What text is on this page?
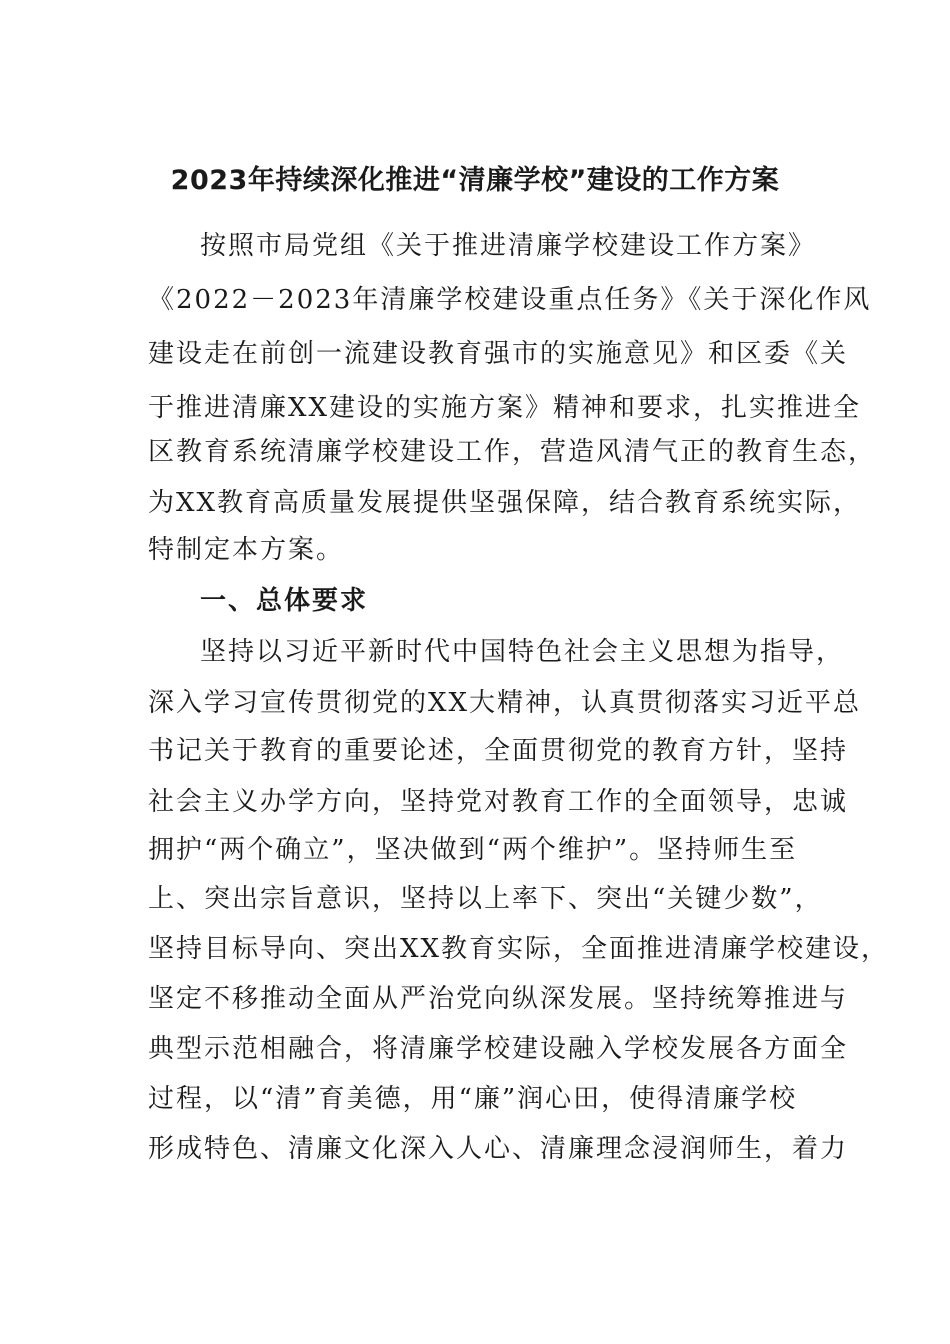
2023年持续深化推进“清廉学校”建设的工作方案
按照市局党组《关于推进清廉学校建设工作方案》
《2022－2023年清廉学校建设重点任务》《关于深化作风
建设走在前创一流建设教育强市的实施意见》和区委《关
于推进清廉XX建设的实施方案》精神和要求，扎实推进全
区教育系统清廉学校建设工作，营造风清气正的教育生态，
为XX教育高质量发展提供坚强保障，结合教育系统实际，
特制定本方案。
一、总体要求
坚持以习近平新时代中国特色社会主义思想为指导，
深入学习宣传贯彻党的XX大精神，认真贯彻落实习近平总
书记关于教育的重要论述，全面贯彻党的教育方针，坚持
社会主义办学方向，坚持党对教育工作的全面领导，忠诚
拥护“两个确立”，坚决做到“两个维护”。坚持师生至
上、突出宗旨意识，坚持以上率下、突出“关键少数”，
坚持目标导向、突出XX教育实际，全面推进清廉学校建设，
坚定不移推动全面从严治党向纵深发展。坚持统筹推进与
典型示范相融合，将清廉学校建设融入学校发展各方面全
过程，以“清”育美德，用“廉”润心田，使得清廉学校
形成特色、清廉文化深入人心、清廉理念浸润师生，着力
